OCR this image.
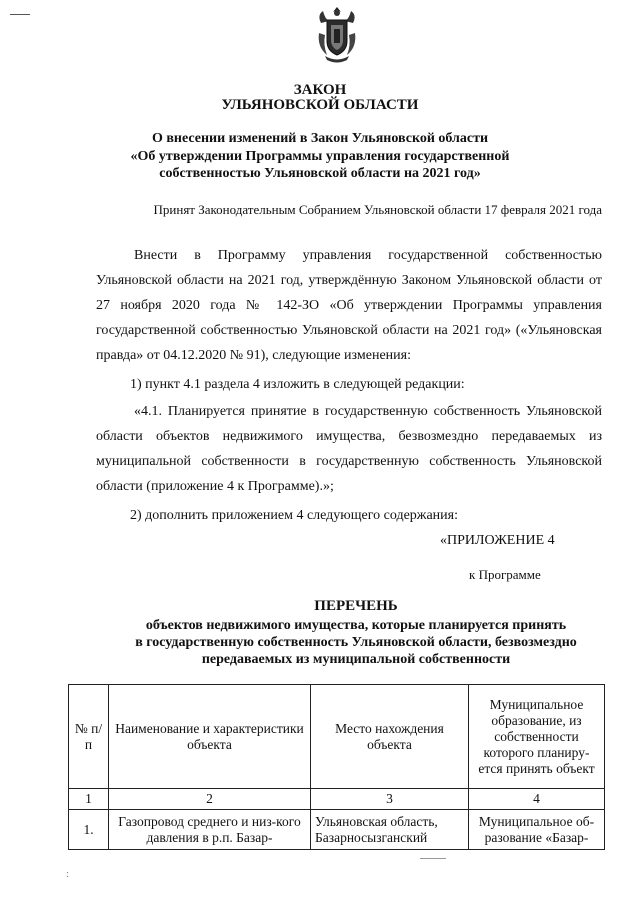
ЗАКОН
УЛЬЯНОВСКОЙ ОБЛАСТИ
О внесении изменений в Закон Ульяновской области
«Об утверждении Программы управления государственной
собственностью Ульяновской области на 2021 год»
Принят Законодательным Собранием Ульяновской области 17 февраля 2021 года

Внести в Программу управления государственной собственностью Ульяновской области на 2021 год, утверждённую Законом Ульяновской области от 27 ноября 2020 года № 142-ЗО «Об утверждении Программы управления государственной собственностью Ульяновской области на 2021 год» («Ульяновская правда» от 04.12.2020 № 91), следующие изменения:

1) пункт 4.1 раздела 4 изложить в следующей редакции:

«4.1. Планируется принятие в государственную собственность Ульяновской области объектов недвижимого имущества, безвозмездно передаваемых из муниципальной собственности в государственную собственность Ульяновской области (приложение 4 к Программе).»;

2) дополнить приложением 4 следующего содержания:

«ПРИЛОЖЕНИЕ 4
к Программе
ПЕРЕЧЕНЬ
объектов недвижимого имущества, которые планируется принять
в государственную собственность Ульяновской области, безвозмездно
передаваемых из муниципальной собственности
№ п/п	Наименование и характеристики объекта	Место нахождения объекта	Муниципальное образование, из собственности которого планиру-ется принять объект
1	2	3	4
1.	Газопровод среднего и низ-кого давления в р.п. Базар-	Ульяновская область, Базарносызганский	Муниципальное об-разование «Базар-
:
